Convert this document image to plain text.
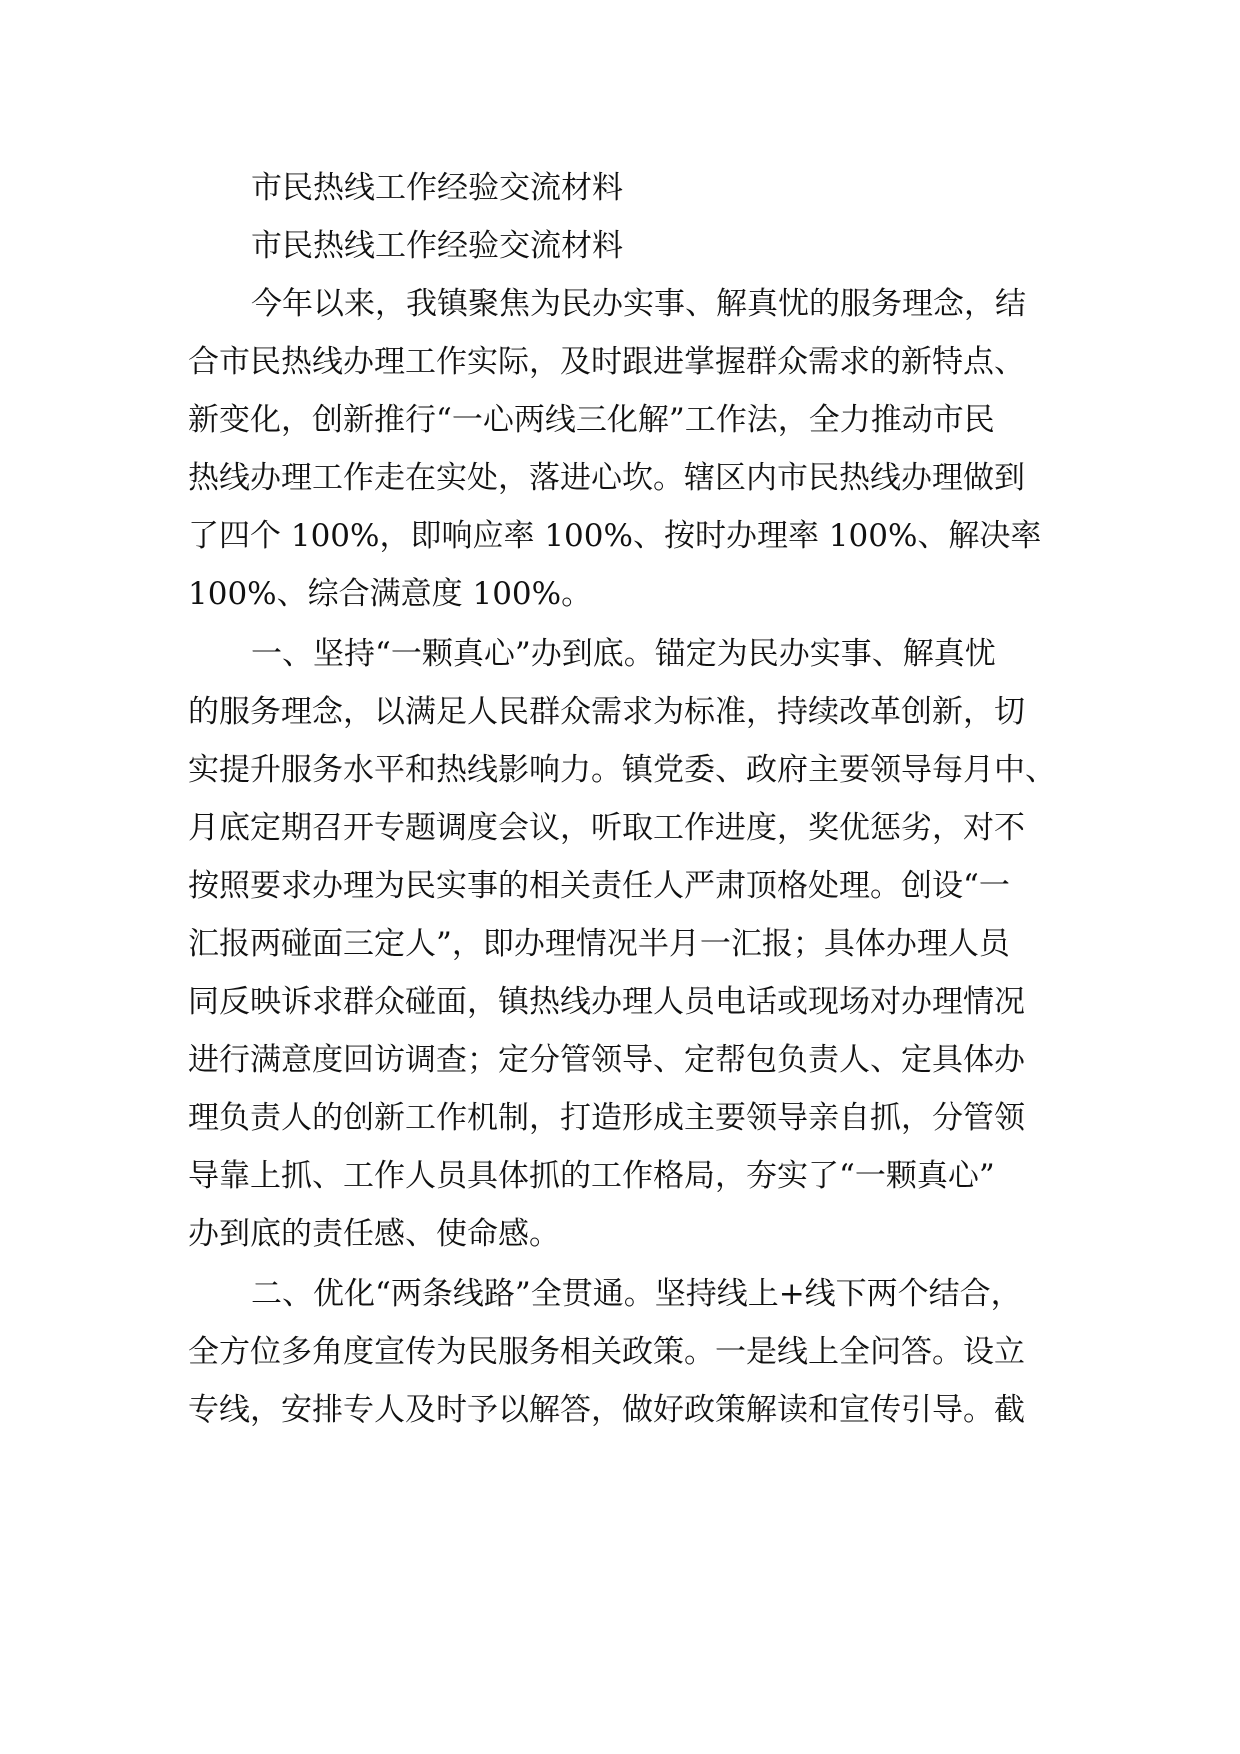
市民热线工作经验交流材料
市民热线工作经验交流材料
今年以来，我镇聚焦为民办实事、解真忧的服务理念，结
合市民热线办理工作实际，及时跟进掌握群众需求的新特点、
新变化，创新推行“一心两线三化解”工作法，全力推动市民
热线办理工作走在实处，落进心坎。辖区内市民热线办理做到
了四个 100%，即响应率 100%、按时办理率 100%、解决率
100%、综合满意度 100%。
一、坚持“一颗真心”办到底。锚定为民办实事、解真忧
的服务理念，以满足人民群众需求为标准，持续改革创新，切
实提升服务水平和热线影响力。镇党委、政府主要领导每月中、
月底定期召开专题调度会议，听取工作进度，奖优惩劣，对不
按照要求办理为民实事的相关责任人严肃顶格处理。创设“一
汇报两碰面三定人”，即办理情况半月一汇报；具体办理人员
同反映诉求群众碰面，镇热线办理人员电话或现场对办理情况
进行满意度回访调查；定分管领导、定帮包负责人、定具体办
理负责人的创新工作机制，打造形成主要领导亲自抓，分管领
导靠上抓、工作人员具体抓的工作格局，夯实了“一颗真心”
办到底的责任感、使命感。
二、优化“两条线路”全贯通。坚持线上+线下两个结合，
全方位多角度宣传为民服务相关政策。一是线上全问答。设立
专线，安排专人及时予以解答，做好政策解读和宣传引导。截
